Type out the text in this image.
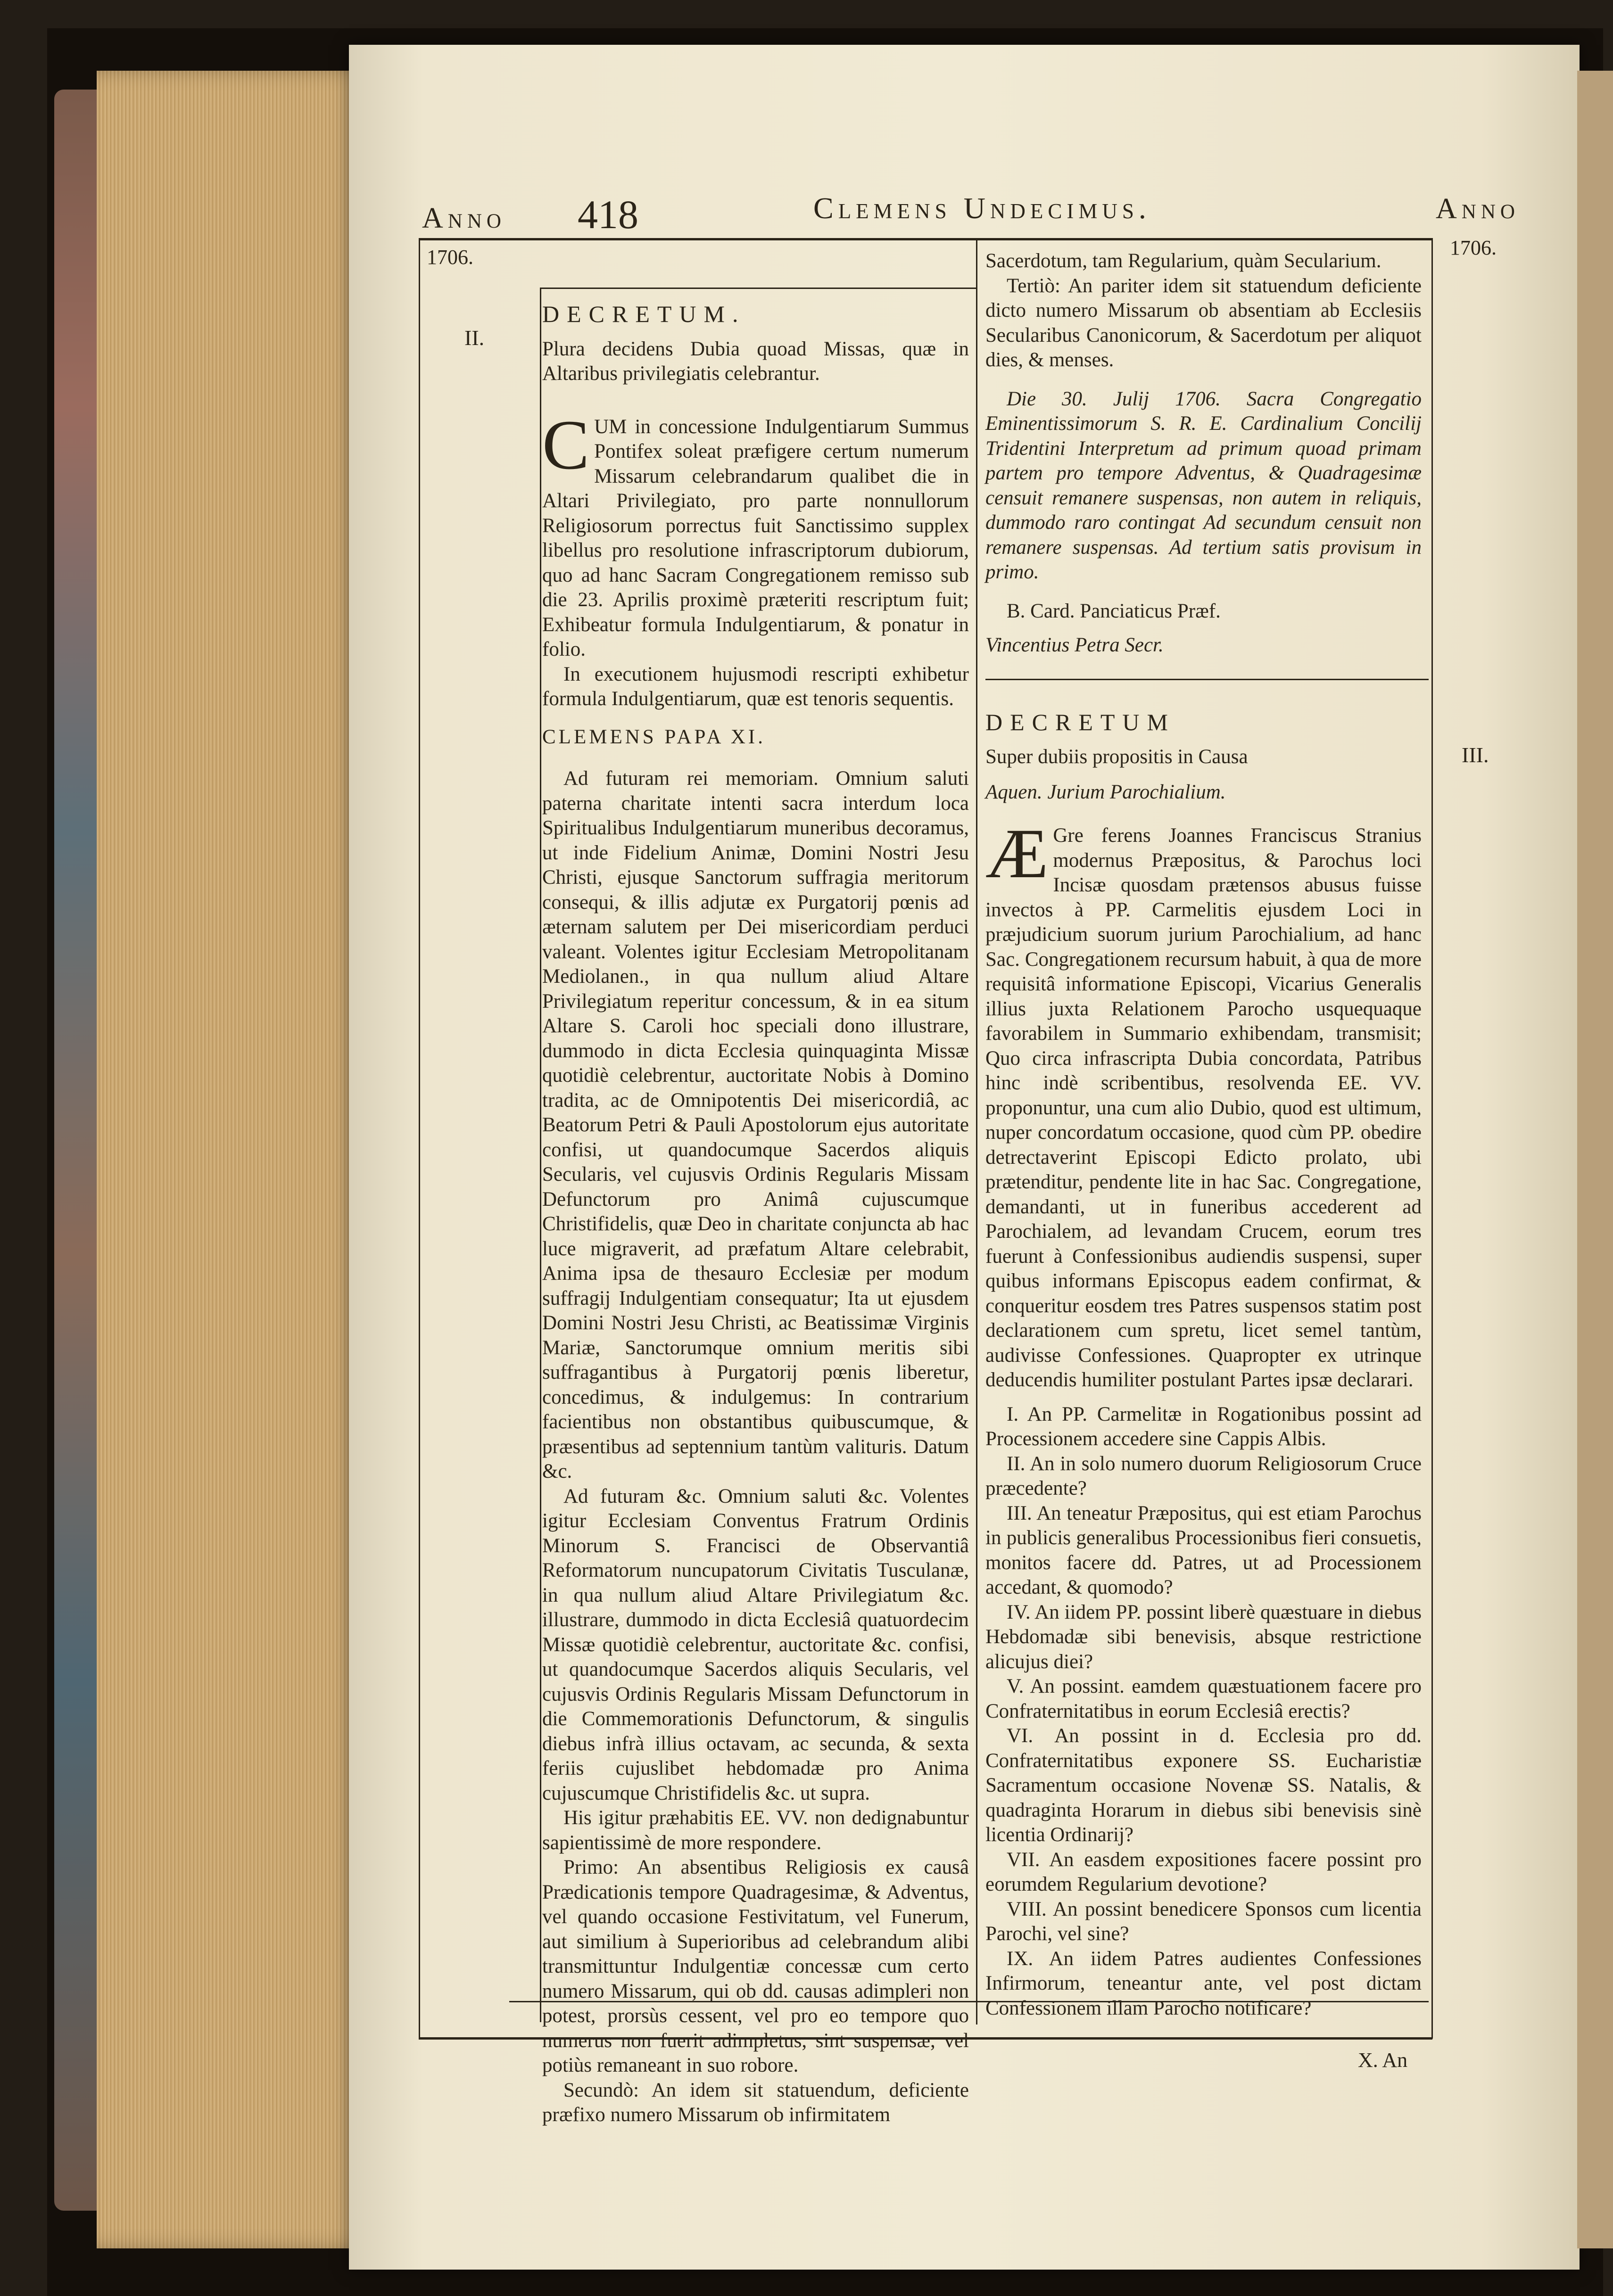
Anno
1706.
418	Clemens Undecimus.	Anno
1706.
II.
III.

DECRETUM.

Plura decidens Dubia quoad Missas, quæ in Altaribus privilegiatis celebrantur.

CUM in concessione Indulgentiarum Summus Pontifex soleat præfigere certum numerum Missarum celebrandarum qualibet die in Altari Privilegiato, pro parte nonnullorum Religiosorum porrectus fuit Sanctissimo supplex libellus pro resolutione infrascriptorum dubiorum, quo ad hanc Sacram Congregationem remisso sub die 23. Aprilis proximè præteriti rescriptum fuit; Exhibeatur formula Indulgentiarum, & ponatur in folio.

In executionem hujusmodi rescripti exhibetur formula Indulgentiarum, quæ est tenoris sequentis.

CLEMENS PAPA XI.

Ad futuram rei memoriam. Omnium saluti paterna charitate intenti sacra interdum loca Spiritualibus Indulgentiarum muneribus decoramus, ut inde Fidelium Animæ, Domini Nostri Jesu Christi, ejusque Sanctorum suffragia meritorum consequi, & illis adjutæ ex Purgatorij pœnis ad æternam salutem per Dei misericordiam perduci valeant. Volentes igitur Ecclesiam Metropolitanam Mediolanen., in qua nullum aliud Altare Privilegiatum reperitur concessum, & in ea situm Altare S. Caroli hoc speciali dono illustrare, dummodo in dicta Ecclesia quinquaginta Missæ quotidiè celebrentur, auctoritate Nobis à Domino tradita, ac de Omnipotentis Dei misericordiâ, ac Beatorum Petri & Pauli Apostolorum ejus autoritate confisi, ut quandocumque Sacerdos aliquis Secularis, vel cujusvis Ordinis Regularis Missam Defunctorum pro Animâ cujuscumque Christifidelis, quæ Deo in charitate conjuncta ab hac luce migraverit, ad præfatum Altare celebrabit, Anima ipsa de thesauro Ecclesiæ per modum suffragij Indulgentiam consequatur; Ita ut ejusdem Domini Nostri Jesu Christi, ac Beatissimæ Virginis Mariæ, Sanctorumque omnium meritis sibi suffragantibus à Purgatorij pœnis liberetur, concedimus, & indulgemus: In contrarium facientibus non obstantibus quibuscumque, & præsentibus ad septennium tantùm valituris. Datum &c.

Ad futuram &c. Omnium saluti &c. Volentes igitur Ecclesiam Conventus Fratrum Ordinis Minorum S. Francisci de Observantiâ Reformatorum nuncupatorum Civitatis Tusculanæ, in qua nullum aliud Altare Privilegiatum &c. illustrare, dummodo in dicta Ecclesiâ quatuordecim Missæ quotidiè celebrentur, auctoritate &c. confisi, ut quandocumque Sacerdos aliquis Secularis, vel cujusvis Ordinis Regularis Missam Defunctorum in die Commemorationis Defunctorum, & singulis diebus infrà illius octavam, ac secunda, & sexta feriis cujuslibet hebdomadæ pro Anima cujuscumque Christifidelis &c. ut supra.

His igitur præhabitis EE. VV. non dedignabuntur sapientissimè de more respondere.

Primo: An absentibus Religiosis ex causâ Prædicationis tempore Quadragesimæ, & Adventus, vel quando occasione Festivitatum, vel Funerum, aut similium à Superioribus ad celebrandum alibi transmittuntur Indulgentiæ concessæ cum certo numero Missarum, qui ob dd. causas adimpleri non potest, prorsùs cessent, vel pro eo tempore quo numerus non fuerit adimpletus, sint suspensæ, vel potiùs remaneant in suo robore.

Secundò: An idem sit statuendum, deficiente præfixo numero Missarum ob infirmitatem

Sacerdotum, tam Regularium, quàm Secularium.

Tertiò: An pariter idem sit statuendum deficiente dicto numero Missarum ob absentiam ab Ecclesiis Secularibus Canonicorum, & Sacerdotum per aliquot dies, & menses.

Die 30. Julij 1706. Sacra Congregatio Eminentissimorum S. R. E. Cardinalium Concilij Tridentini Interpretum ad primum quoad primam partem pro tempore Adventus, & Quadragesimæ censuit remanere suspensas, non autem in reliquis, dummodo raro contingat Ad secundum censuit non remanere suspensas. Ad tertium satis provisum in primo.

B. Card. Panciaticus Præf.

Vincentius Petra Secr.

DECRETUM

Super dubiis propositis in Causa

Aquen. Jurium Parochialium.

Æ Gre ferens Joannes Franciscus Stranius modernus Præpositus, & Parochus loci Incisæ quosdam prætensos abusus fuisse invectos à PP. Carmelitis ejusdem Loci in præjudicium suorum jurium Parochialium, ad hanc Sac. Congregationem recursum habuit, à qua de more requisitâ informatione Episcopi, Vicarius Generalis illius juxta Relationem Parocho usquequaque favorabilem in Summario exhibendam, transmisit; Quo circa infrascripta Dubia concordata, Patribus hinc indè scribentibus, resolvenda EE. VV. proponuntur, una cum alio Dubio, quod est ultimum, nuper concordatum occasione, quod cùm PP. obedire detrectaverint Episcopi Edicto prolato, ubi prætenditur, pendente lite in hac Sac. Congregatione, demandanti, ut in funeribus accederent ad Parochialem, ad levandam Crucem, eorum tres fuerunt à Confessionibus audiendis suspensi, super quibus informans Episcopus eadem confirmat, & conqueritur eosdem tres Patres suspensos statim post declarationem cum spretu, licet semel tantùm, audivisse Confessiones. Quapropter ex utrinque deducendis humiliter postulant Partes ipsæ declarari.

I. An PP. Carmelitæ in Rogationibus possint ad Processionem accedere sine Cappis Albis.

II. An in solo numero duorum Religiosorum Cruce præcedente?

III. An teneatur Præpositus, qui est etiam Parochus in publicis generalibus Processionibus fieri consuetis, monitos facere dd. Patres, ut ad Processionem accedant, & quomodo?

IV. An iidem PP. possint liberè quæstuare in diebus Hebdomadæ sibi benevisis, absque restrictione alicujus diei?

V. An possint. eamdem quæstuationem facere pro Confraternitatibus in eorum Ecclesiâ erectis?

VI. An possint in d. Ecclesia pro dd. Confraternitatibus exponere SS. Eucharistiæ Sacramentum occasione Novenæ SS. Natalis, & quadraginta Horarum in diebus sibi benevisis sinè licentia Ordinarij?

VII. An easdem expositiones facere possint pro eorumdem Regularium devotione?

VIII. An possint benedicere Sponsos cum licentia Parochi, vel sine?

IX. An iidem Patres audientes Confessiones Infirmorum, teneantur ante, vel post dictam Confessionem illam Parocho notificare?

X. An
